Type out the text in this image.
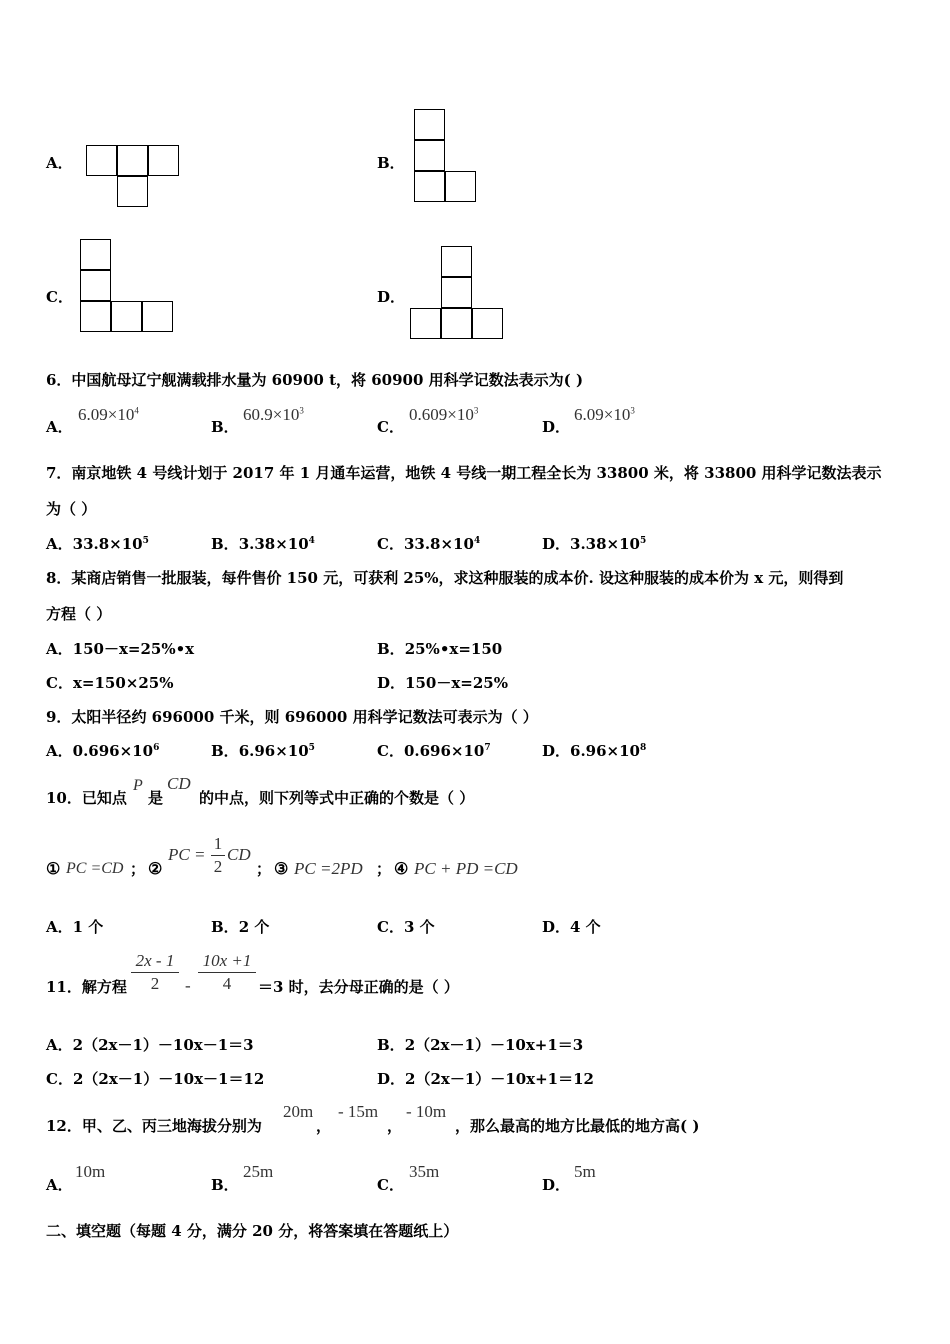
A．	B．
C．	D．
6．中国航母辽宁舰满载排水量为 60900 t，将 60900 用科学记数法表示为( )
A．
$6.09\times 10^4$
B．
$60.9\times 10^3$
C．
$0.609\times 10^3$
D．
$6.09\times 10^3$
7．南京地铁 4 号线计划于 2017 年 1 月通车运营，地铁 4 号线一期工程全长为 33800 米，将 33800 用科学记数法表示
为（ ）
A．$33.8\times 10^5$	B．$3.38\times 10^4$	C．$33.8\times 10^4$	D．$3.38\times 10^5$
8．某商店销售一批服装，每件售价 150 元，可获利 25%，求这种服装的成本价. 设这种服装的成本价为 x 元，则得到
方程（ ）
A．150－x=25%•x	B．25%•x=150
C．x=150×25%	D．150－x=25%
9．太阳半径约 696000 千米，则 696000 用科学记数法可表示为（ ）
A．$0.696\times 10^6$	B．$6.96\times 10^5$	C．$0.696\times 10^7$	D．$6.96\times 10^8$
10．已知点
P
是
CD
的中点，则下列等式中正确的个数是（ ）
① PC =CD ； ②
PC =
1
2
CD
； ③ PC =2PD ； ④ PC + PD =CD
A．1 个	B．2 个	C．3 个	D．4 个
11．解方程
2x - 1
2	-
10x +1
4	＝3 时，去分母正确的是（ ）
A．2（2x－1）－10x－1＝3	B．2（2x－1）－10x+1＝3
C．2（2x－1）－10x－1＝12	D．2（2x－1）－10x+1＝12
12．甲、乙、丙三地海拔分别为
20m
，
- 15m
，
- 10m
，那么最高的地方比最低的地方高( )
A．
10m
B．
25m
C．
35m
D．
5m
二、填空题（每题 4 分，满分 20 分，将答案填在答题纸上）
